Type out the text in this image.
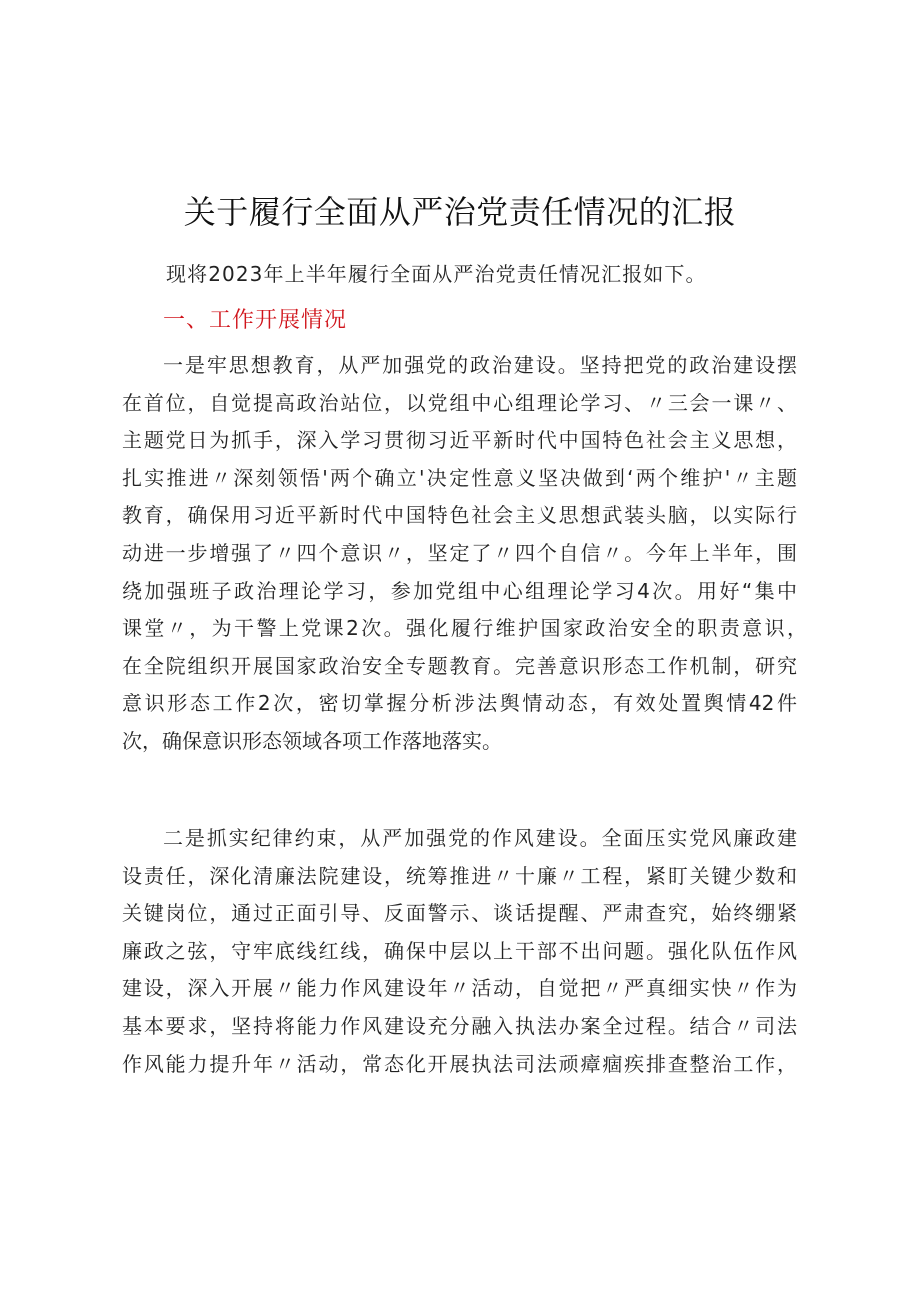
关于履行全面从严治党责任情况的汇报

现将2023年上半年履行全面从严治党责任情况汇报如下。

一、工作开展情况
一是牢思想教育，从严加强党的政治建设。坚持把党的政治建设摆
在首位，自觉提高政治站位，以党组中心组理论学习、〃三会一课〃、
主题党日为抓手，深入学习贯彻习近平新时代中国特色社会主义思想，
扎实推进〃深刻领悟'两个确立'决定性意义坚决做到‘两个维护'〃主题
教育，确保用习近平新时代中国特色社会主义思想武装头脑，以实际行
动进一步增强了〃四个意识〃，坚定了〃四个自信〃。今年上半年，围
绕加强班子政治理论学习，参加党组中心组理论学习4次。用好“集中
课堂〃，为干警上党课2次。强化履行维护国家政治安全的职责意识，
在全院组织开展国家政治安全专题教育。完善意识形态工作机制，研究
意识形态工作2次，密切掌握分析涉法舆情动态，有效处置舆情42件
次，确保意识形态领域各项工作落地落实。
二是抓实纪律约束，从严加强党的作风建设。全面压实党风廉政建
设责任，深化清廉法院建设，统筹推进〃十廉〃工程，紧盯关键少数和
关键岗位，通过正面引导、反面警示、谈话提醒、严肃查究，始终绷紧
廉政之弦，守牢底线红线，确保中层以上干部不出问题。强化队伍作风
建设，深入开展〃能力作风建设年〃活动，自觉把〃严真细实快〃作为
基本要求，坚持将能力作风建设充分融入执法办案全过程。结合〃司法
作风能力提升年〃活动，常态化开展执法司法顽瘴痼疾排查整治工作，
